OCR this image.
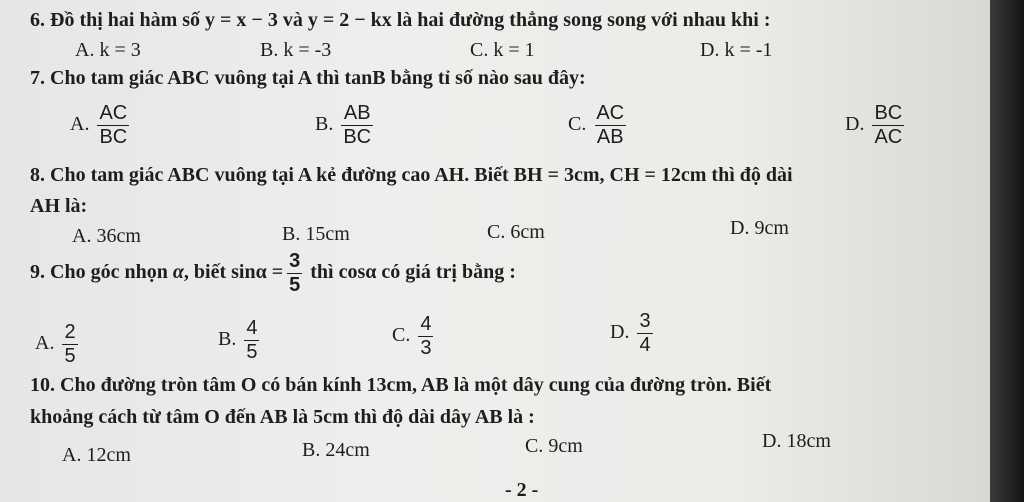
6. Đồ thị hai hàm số y = x − 3 và y = 2 − kx là hai đường thẳng song song với nhau khi :
A. k = 3	B. k = -3	C. k = 1	D. k = -1
7. Cho tam giác ABC vuông tại A thì tanB bằng tỉ số nào sau đây:
A. $\frac{AC}{BC}$	B. $\frac{AB}{BC}$	C. $\frac{AC}{AB}$	D. $\frac{BC}{AC}$
8. Cho tam giác ABC vuông tại A kẻ đường cao AH. Biết BH = 3cm, CH = 12cm thì độ dài
AH là:
A. 36cm	B. 15cm	C. 6cm	D. 9cm
9. Cho góc nhọn α, biết $\sin\alpha = \frac{3}{5}$ thì cosα có giá trị bằng :
A. $\frac{2}{5}$	B. $\frac{4}{5}$	C. $\frac{4}{3}$	D. $\frac{3}{4}$
10. Cho đường tròn tâm O có bán kính 13cm, AB là một dây cung của đường tròn. Biết
khoảng cách từ tâm O đến AB là 5cm thì độ dài dây AB là :
A. 12cm	B. 24cm	C. 9cm	D. 18cm
- 2 -
